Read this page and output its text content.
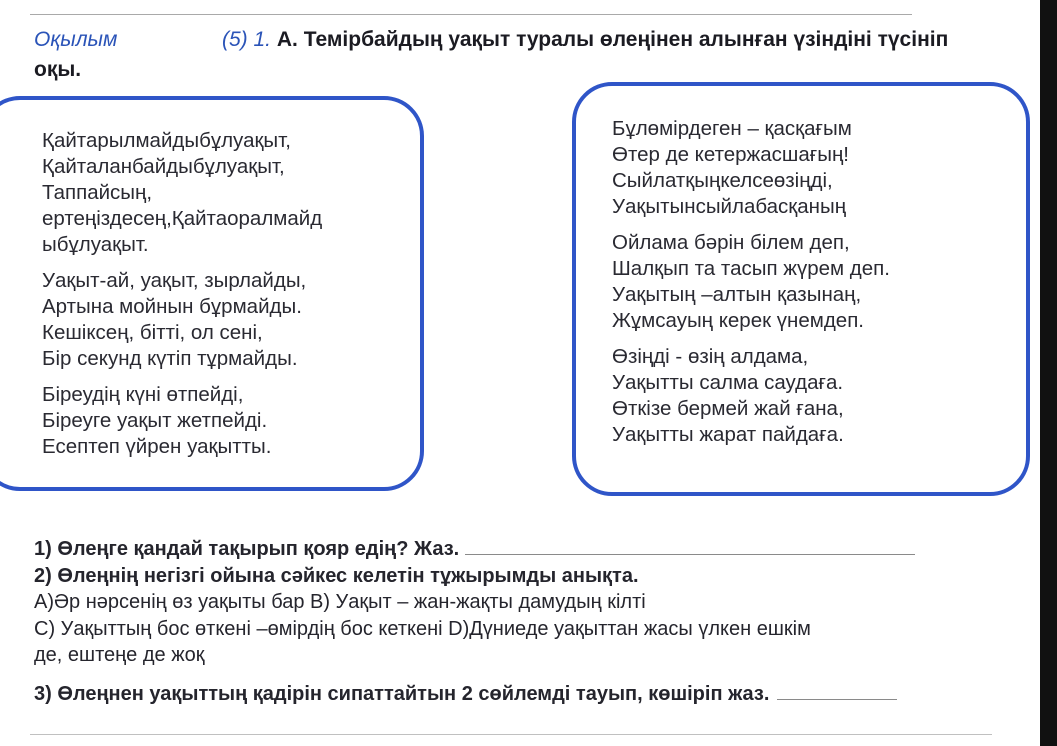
Оқылым	(5) 1. А. Темірбайдың уақыт туралы өлеңінен алынған үзіндіні түсініп
оқы.
Қайтарылмайдыбұлуақыт,
Қайталанбайдыбұлуақыт,
Таппайсың,
ертеңіздесең,Қайтаоралмайд
ыбұлуақыт.
Уақыт-ай, уақыт, зырлайды,
Артына мойнын бұрмайды.
Кешіксең, бітті, ол сені,
Бір секунд күтіп тұрмайды.
Біреудің күні өтпейді,
Біреуге уақыт жетпейді.
Есептеп үйрен уақытты.
Бұлөмірдеген – қасқағым
Өтер де кетержасшағың!
Сыйлатқыңкелсеөзіңді,
Уақытынсыйлабасқаның
Ойлама бәрін білем деп,
Шалқып та тасып жүрем деп.
Уақытың –алтын қазынаң,
Жұмсауың керек үнемдеп.
Өзіңді - өзің алдама,
Уақытты салма саудаға.
Өткізе бермей жай ғана,
Уақытты жарат пайдаға.
1) Өлеңге қандай тақырып қояр едің? Жаз.
2) Өлеңнің негізгі ойына сәйкес келетін тұжырымды анықта.
А)Әр нәрсенің өз уақыты бар В) Уақыт – жан-жақты дамудың кілті
С) Уақыттың бос өткені –өмірдің бос кеткені D)Дүниеде уақыттан жасы үлкен ешкім
де, ештеңе де жоқ
3) Өлеңнен уақыттың қадірін сипаттайтын 2 сөйлемді тауып, көшіріп жаз.
